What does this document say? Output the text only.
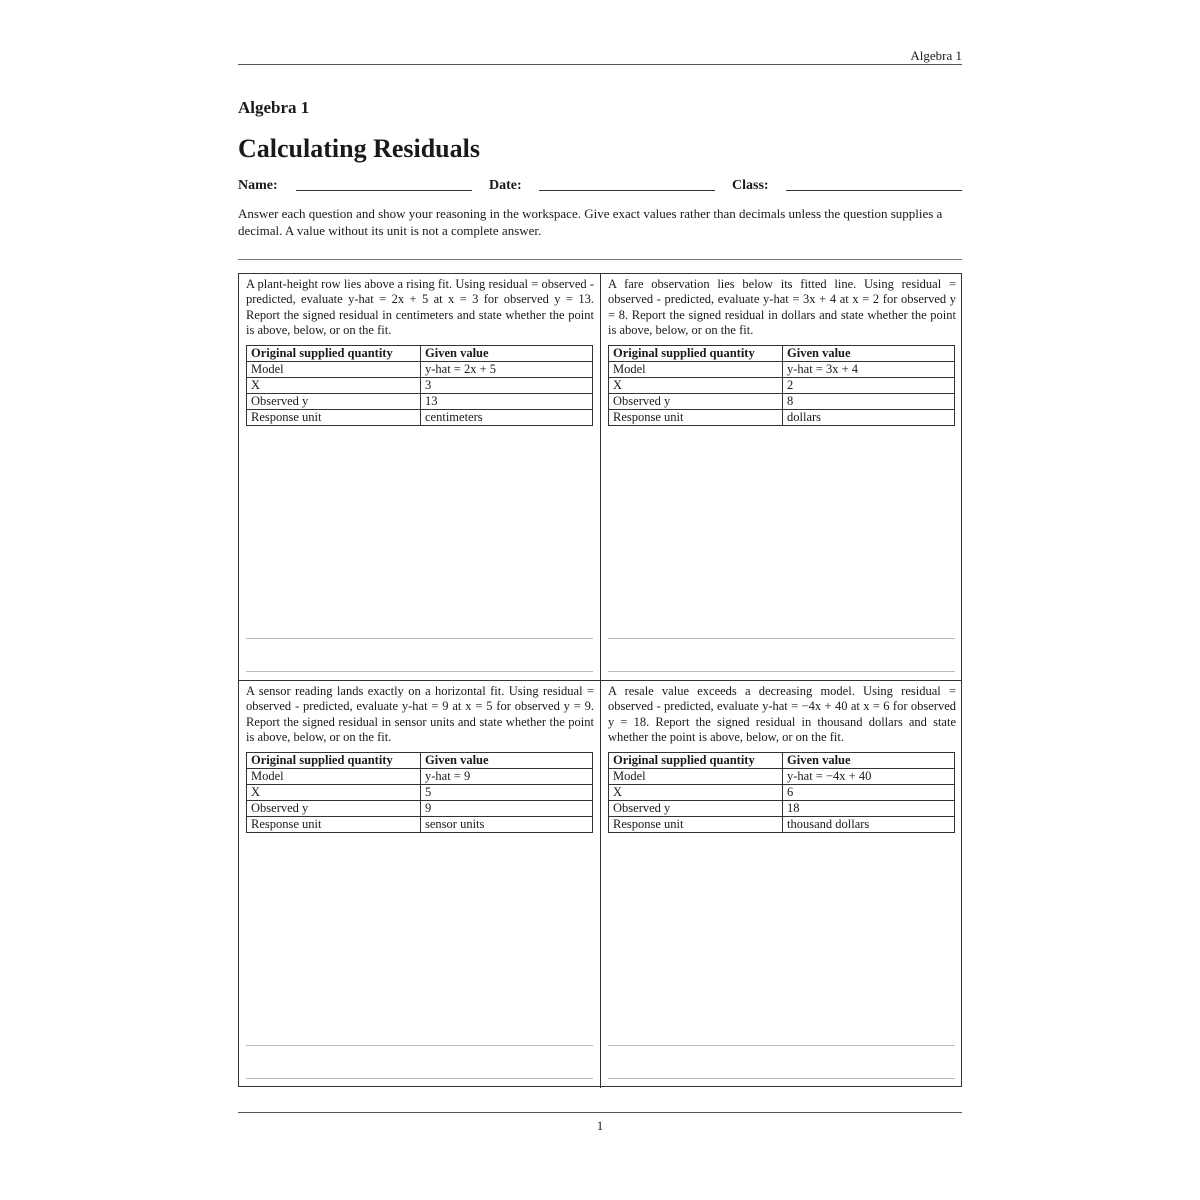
Algebra 1
Algebra 1
Calculating Residuals
Name:	Date:	Class:

Answer each question and show your reasoning in the workspace. Give exact values rather than decimals unless the question supplies a decimal. A value without its unit is not a complete answer.

A plant-height row lies above a rising fit. Using residual = observed - predicted, evaluate y-hat = 2x + 5 at x = 3 for observed y = 13. Report the signed residual in centimeters and state whether the point is above, below, or on the fit.

Original supplied quantity	Given value
Model	y-hat = 2x + 5
X	3
Observed y	13
Response unit	centimeters

A fare observation lies below its fitted line. Using residual = observed - predicted, evaluate y-hat = 3x + 4 at x = 2 for observed y = 8. Report the signed residual in dollars and state whether the point is above, below, or on the fit.

Original supplied quantity	Given value
Model	y-hat = 3x + 4
X	2
Observed y	8
Response unit	dollars

A sensor reading lands exactly on a horizontal fit. Using residual = observed - predicted, evaluate y-hat = 9 at x = 5 for observed y = 9. Report the signed residual in sensor units and state whether the point is above, below, or on the fit.

Original supplied quantity	Given value
Model	y-hat = 9
X	5
Observed y	9
Response unit	sensor units

A resale value exceeds a decreasing model. Using residual = observed - predicted, evaluate y-hat = −4x + 40 at x = 6 for observed y = 18. Report the signed residual in thousand dollars and state whether the point is above, below, or on the fit.

Original supplied quantity	Given value
Model	y-hat = −4x + 40
X	6
Observed y	18
Response unit	thousand dollars
1
